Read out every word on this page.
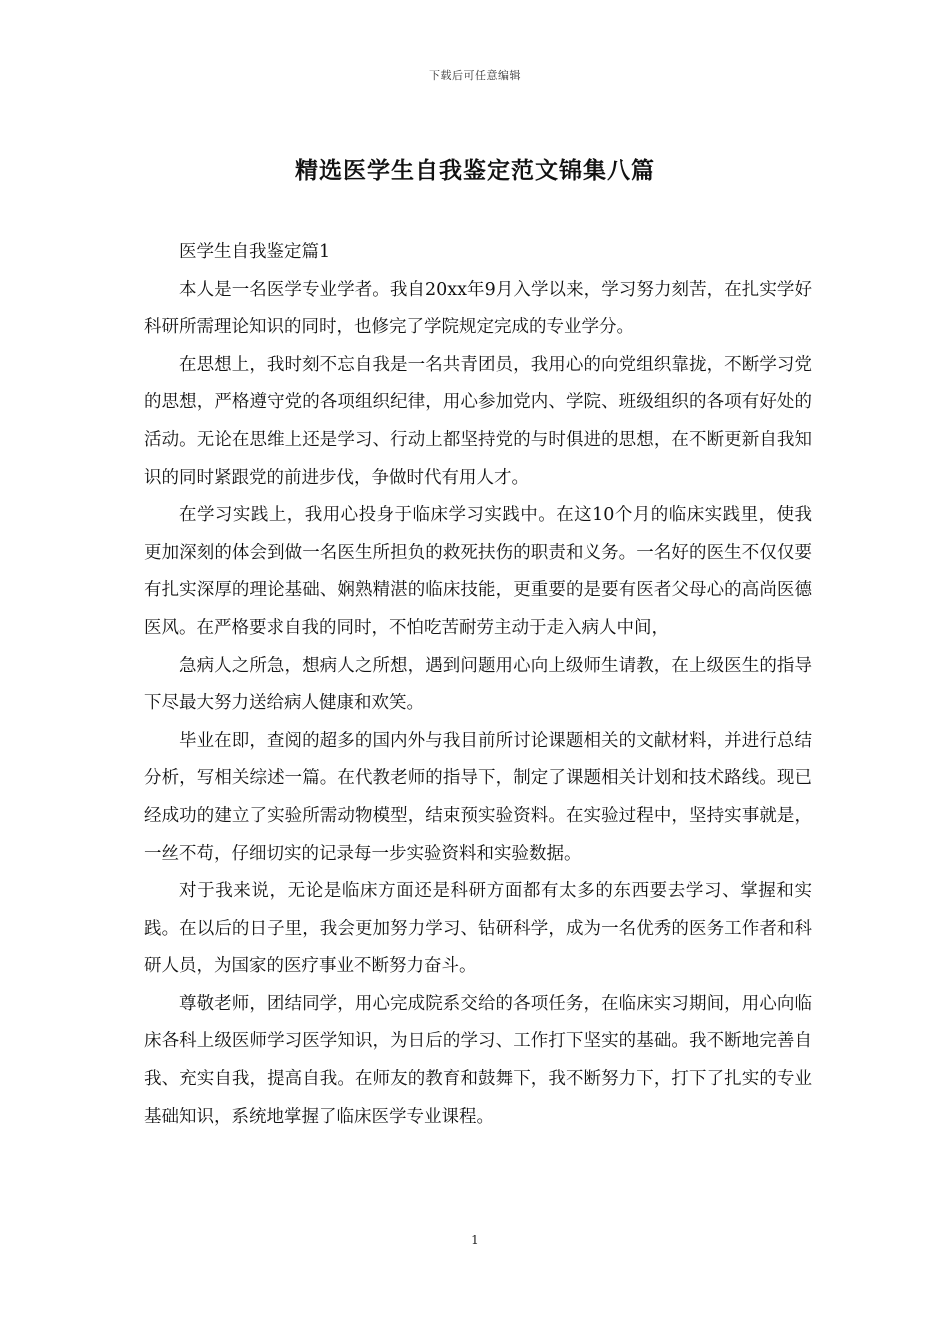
下载后可任意编辑
精选医学生自我鉴定范文锦集八篇

医学生自我鉴定篇1

本人是一名医学专业学者。我自20xx年9月入学以来，学习努力刻苦，在扎实学好科研所需理论知识的同时，也修完了学院规定完成的专业学分。

在思想上，我时刻不忘自我是一名共青团员，我用心的向党组织靠拢，不断学习党的思想，严格遵守党的各项组织纪律，用心参加党内、学院、班级组织的各项有好处的活动。无论在思维上还是学习、行动上都坚持党的与时俱进的思想，在不断更新自我知识的同时紧跟党的前进步伐，争做时代有用人才。

在学习实践上，我用心投身于临床学习实践中。在这10个月的临床实践里，使我更加深刻的体会到做一名医生所担负的救死扶伤的职责和义务。一名好的医生不仅仅要有扎实深厚的理论基础、娴熟精湛的临床技能，更重要的是要有医者父母心的高尚医德医风。在严格要求自我的同时，不怕吃苦耐劳主动于走入病人中间，

急病人之所急，想病人之所想，遇到问题用心向上级师生请教，在上级医生的指导下尽最大努力送给病人健康和欢笑。

毕业在即，查阅的超多的国内外与我目前所讨论课题相关的文献材料，并进行总结分析，写相关综述一篇。在代教老师的指导下，制定了课题相关计划和技术路线。现已经成功的建立了实验所需动物模型，结束预实验资料。在实验过程中，坚持实事就是，一丝不苟，仔细切实的记录每一步实验资料和实验数据。

对于我来说，无论是临床方面还是科研方面都有太多的东西要去学习、掌握和实践。在以后的日子里，我会更加努力学习、钻研科学，成为一名优秀的医务工作者和科研人员，为国家的医疗事业不断努力奋斗。

尊敬老师，团结同学，用心完成院系交给的各项任务，在临床实习期间，用心向临床各科上级医师学习医学知识，为日后的学习、工作打下坚实的基础。我不断地完善自我、充实自我，提高自我。在师友的教育和鼓舞下，我不断努力下，打下了扎实的专业基础知识，系统地掌握了临床医学专业课程。

1
